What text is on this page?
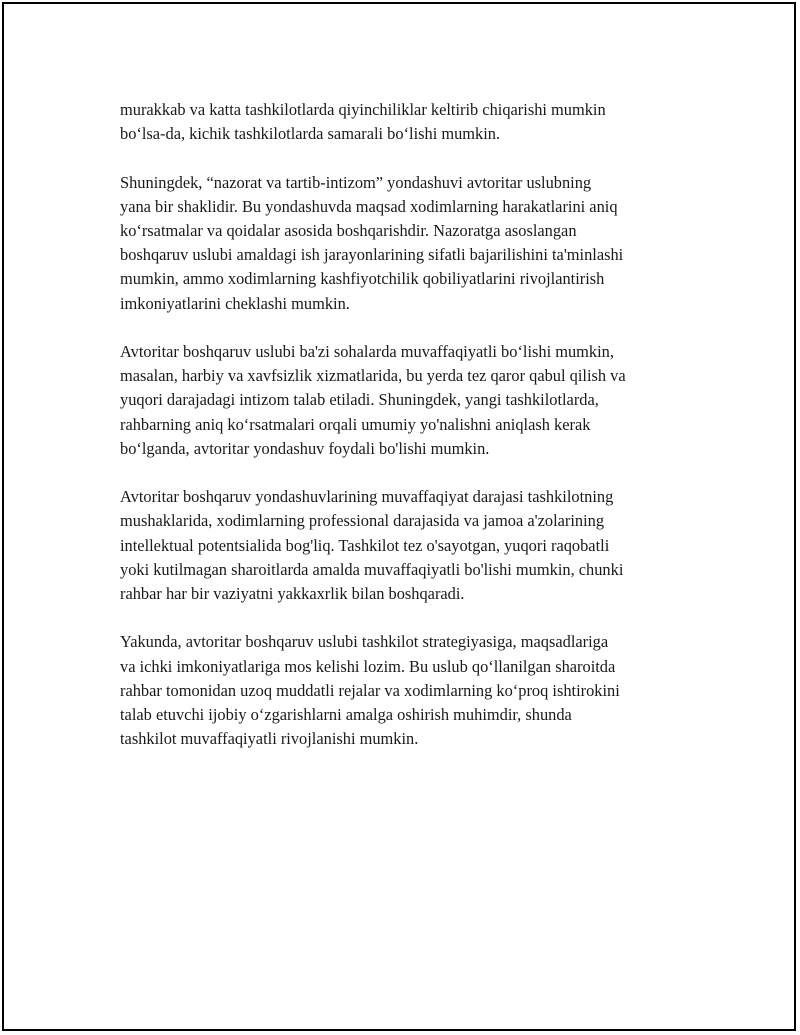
murakkab va katta tashkilotlarda qiyinchiliklar keltirib chiqarishi mumkin
bo‘lsa-da, kichik tashkilotlarda samarali bo‘lishi mumkin.

Shuningdek, “nazorat va tartib-intizom” yondashuvi avtoritar uslubning
yana bir shaklidir. Bu yondashuvda maqsad xodimlarning harakatlarini aniq
ko‘rsatmalar va qoidalar asosida boshqarishdir. Nazoratga asoslangan
boshqaruv uslubi amaldagi ish jarayonlarining sifatli bajarilishini ta'minlashi
mumkin, ammo xodimlarning kashfiyotchilik qobiliyatlarini rivojlantirish
imkoniyatlarini cheklashi mumkin.

Avtoritar boshqaruv uslubi ba'zi sohalarda muvaffaqiyatli bo‘lishi mumkin,
masalan, harbiy va xavfsizlik xizmatlarida, bu yerda tez qaror qabul qilish va
yuqori darajadagi intizom talab etiladi. Shuningdek, yangi tashkilotlarda,
rahbarning aniq ko‘rsatmalari orqali umumiy yo'nalishni aniqlash kerak
bo‘lganda, avtoritar yondashuv foydali bo'lishi mumkin.

Avtoritar boshqaruv yondashuvlarining muvaffaqiyat darajasi tashkilotning
mushaklarida, xodimlarning professional darajasida va jamoa a'zolarining
intellektual potentsialida bog'liq. Tashkilot tez o'sayotgan, yuqori raqobatli
yoki kutilmagan sharoitlarda amalda muvaffaqiyatli bo'lishi mumkin, chunki
rahbar har bir vaziyatni yakkaxrlik bilan boshqaradi.

Yakunda, avtoritar boshqaruv uslubi tashkilot strategiyasiga, maqsadlariga
va ichki imkoniyatlariga mos kelishi lozim. Bu uslub qo‘llanilgan sharoitda
rahbar tomonidan uzoq muddatli rejalar va xodimlarning ko‘proq ishtirokini
talab etuvchi ijobiy o‘zgarishlarni amalga oshirish muhimdir, shunda
tashkilot muvaffaqiyatli rivojlanishi mumkin.
